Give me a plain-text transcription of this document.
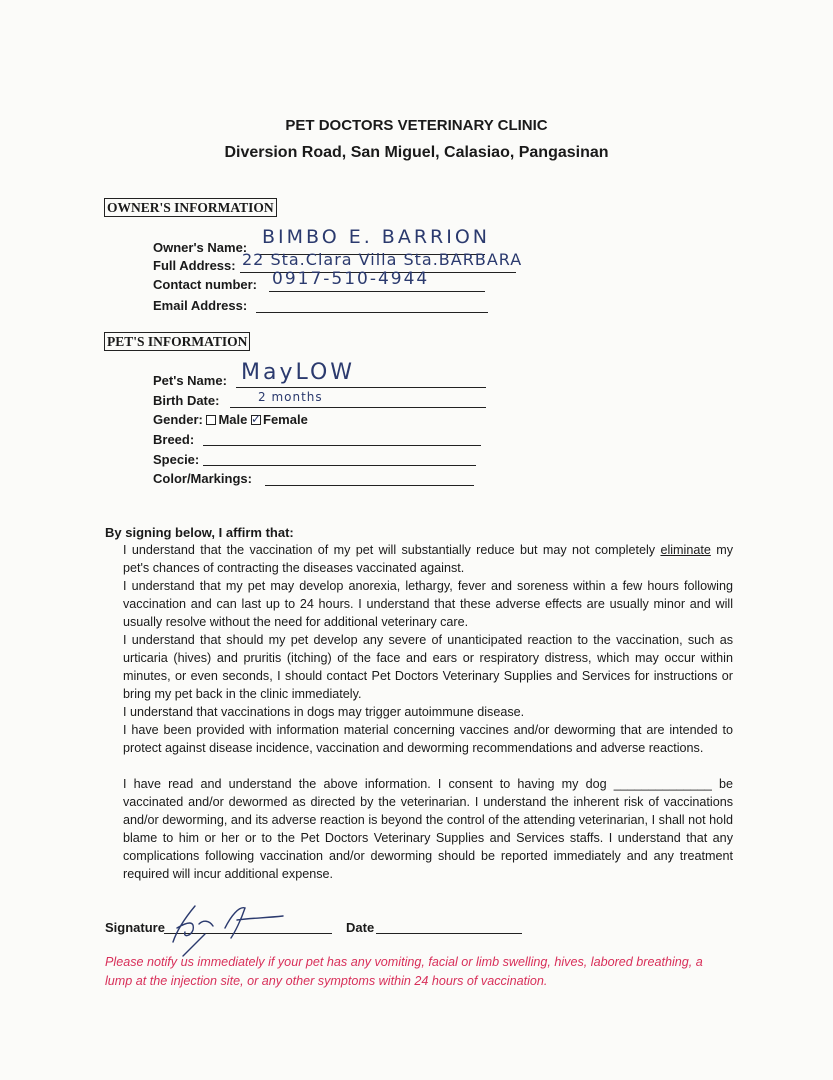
PET DOCTORS VETERINARY CLINIC
Diversion Road, San Miguel, Calasiao, Pangasinan
OWNER'S INFORMATION
Owner's Name: BIMBO E. BARRION
Full Address: 22 Sta.Clara Villa Sta.BARBARA
Contact number: 0917-510-4944
Email Address:
PET'S INFORMATION
Pet's Name: MayLOW
Birth Date:	2 months
Gender: Male ✓ Female
Breed:
Specie:
Color/Markings:
By signing below, I affirm that:
I understand that the vaccination of my pet will substantially reduce but may not completely eliminate my pet's chances of contracting the diseases vaccinated against.
I understand that my pet may develop anorexia, lethargy, fever and soreness within a few hours following vaccination and can last up to 24 hours. I understand that these adverse effects are usually minor and will usually resolve without the need for additional veterinary care.
I understand that should my pet develop any severe of unanticipated reaction to the vaccination, such as urticaria (hives) and pruritis (itching) of the face and ears or respiratory distress, which may occur within minutes, or even seconds, I should contact Pet Doctors Veterinary Supplies and Services for instructions or bring my pet back in the clinic immediately.
I understand that vaccinations in dogs may trigger autoimmune disease.
I have been provided with information material concerning vaccines and/or deworming that are intended to protect against disease incidence, vaccination and deworming recommendations and adverse reactions.
I have read and understand the above information. I consent to having my dog ______________ be vaccinated and/or dewormed as directed by the veterinarian. I understand the inherent risk of vaccinations and/or deworming, and its adverse reaction is beyond the control of the attending veterinarian, I shall not hold blame to him or her or to the Pet Doctors Veterinary Supplies and Services staffs. I understand that any complications following vaccination and/or deworming should be reported immediately and any treatment required will incur additional expense.
Signature	Date
Please notify us immediately if your pet has any vomiting, facial or limb swelling, hives, labored breathing, a lump at the injection site, or any other symptoms within 24 hours of vaccination.
